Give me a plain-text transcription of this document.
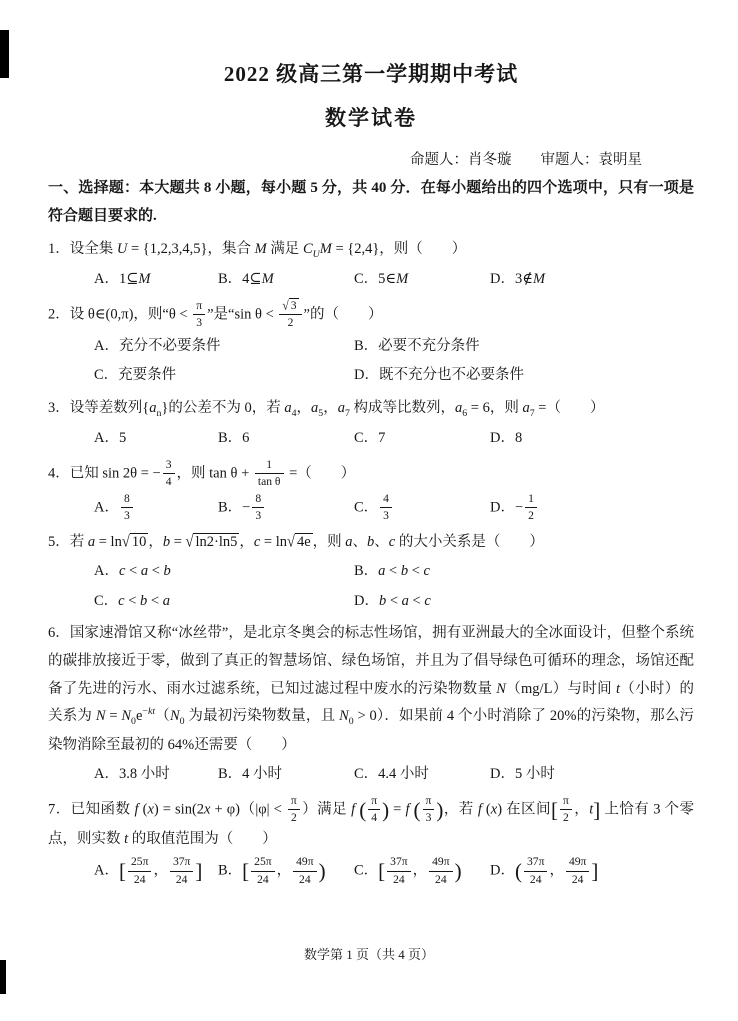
2022 级高三第一学期期中考试
数学试卷
命题人：肖冬璇　　审题人：袁明星
一、选择题：本大题共 8 小题，每小题 5 分，共 40 分．在每小题给出的四个选项中，只有一项是符合题目要求的.

1．设全集 U = {1,2,3,4,5}，集合 M 满足 $C_UM = \{2,4\}$，则（　　）

A．1⊆M	B．4⊆M	C．5∈M	D．3∉M

2．设 θ∈(0,π)，则“$\theta < \frac{\pi}{3}$ ”是“sin $\theta < \frac{√ 3}{2}$ ”的（　　）

A．充分不必要条件	B．必要不充分条件
C．充要条件	D．既不充分也不必要条件

3．设等差数列$\{a_n\}$的公差不为 0，若 $a_4$，$a_5$，$a_7$ 构成等比数列，$a_6 = 6$，则 $a_7$ =（　　）

A．5	B．6	C．7	D．8

4．已知 sin 2θ = − $\frac{3}{4}$ ，则 $\tan \theta + \frac{1}{\text{tan θ}}$ =（　　）

A． $\frac{8}{3}$	B．− $\frac{8}{3}$	C． $\frac{4}{3}$	D．− $\frac{1}{2}$

5．若 a = ln√ 10 ，b = √ ln2·ln5 ，c = ln√ 4e ，则 a、b、c 的大小关系是（　　）

A．c < a < b	B．a < b < c
C．c < b < a	D．b < a < c

6．国家速滑馆又称“冰丝带”，是北京冬奥会的标志性场馆，拥有亚洲最大的全冰面设计，但整个系统的碳排放接近于零，做到了真正的智慧场馆、绿色场馆，并且为了倡导绿色可循环的理念，场馆还配备了先进的污水、雨水过滤系统，已知过滤过程中废水的污染物数量 N（mg/L）与时间 t（小时）的关系为 $N = N_0e^{-kt}(N_0$ 为最初污染物数量，且 $N_0 > 0$）．如果前 4 个小时消除了 20%的污染物，那么污染物消除至最初的 64%还需要（　　）

A．3.8 小时	B．4 小时	C．4.4 小时	D．5 小时

7．已知函数 f $(x) = \sin(2x + \varphi)(|\varphi| < \frac{\pi}{2}$ ）满足 f ( $\frac{\pi}{4}$ ) = f ( $\frac{\pi}{3}$ )，若 f (x) 在区间[ $\frac{\pi}{2}$ ，t] 上恰有 3 个零点，则实数 t 的取值范围为（　　）

A．[ $\frac{25\pi}{24}$ ， $\frac{37\pi}{24}$ ]	B．[ $\frac{25\pi}{24}$ ， $\frac{49\pi}{24}$ )	C．[ $\frac{37\pi}{24}$ ， $\frac{49\pi}{24}$ )	D．( $\frac{37\pi}{24}$ ， $\frac{49\pi}{24}$ ]
数学第 1 页（共 4 页）
